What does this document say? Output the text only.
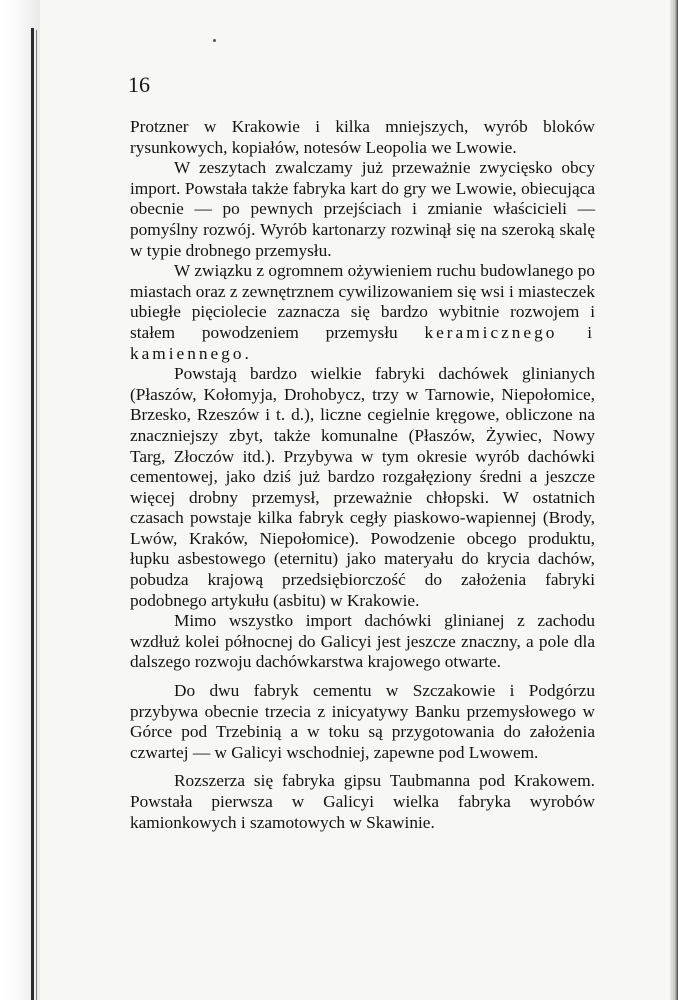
16

Protzner w Krakowie i kilka mniejszych, wyrób bloków rysunkowych, kopiałów, notesów Leopolia we Lwowie.

W zeszytach zwalczamy już przeważnie zwycięsko obcy import. Powstała także fabryka kart do gry we Lwowie, obiecująca obecnie — po pewnych przejściach i zmianie właścicieli — pomyślny rozwój. Wyrób kartonarzy rozwinął się na szeroką skalę w typie drobnego przemysłu.

W związku z ogromnem ożywieniem ruchu budowlanego po miastach oraz z zewnętrznem cywilizowaniem się wsi i miasteczek ubiegłe pięciolecie zaznacza się bardzo wybitnie rozwojem i stałem powodzeniem przemysłu keramicznego i kamiennego.

Powstają bardzo wielkie fabryki dachówek glinianych (Płaszów, Kołomyja, Drohobycz, trzy w Tarnowie, Niepołomice, Brzesko, Rzeszów i t. d.), liczne cegielnie kręgowe, obliczone na znaczniejszy zbyt, także komunalne (Płaszów, Żywiec, Nowy Targ, Złoczów itd.). Przybywa w tym okresie wyrób dachówki cementowej, jako dziś już bardzo rozgałęziony średni a jeszcze więcej drobny przemysł, przeważnie chłopski. W ostatnich czasach powstaje kilka fabryk cegły piaskowo-wapiennej (Brody, Lwów, Kraków, Niepołomice). Powodzenie obcego produktu, łupku asbestowego (eternitu) jako materyału do krycia dachów, pobudza krajową przedsiębiorczość do założenia fabryki podobnego artykułu (asbitu) w Krakowie.

Mimo wszystko import dachówki glinianej z zachodu wzdłuż kolei północnej do Galicyi jest jeszcze znaczny, a pole dla dalszego rozwoju dachówkarstwa krajowego otwarte.

Do dwu fabryk cementu w Szczakowie i Podgórzu przybywa obecnie trzecia z inicyatywy Banku przemysłowego w Górce pod Trzebinią a w toku są przygotowania do założenia czwartej — w Galicyi wschodniej, zapewne pod Lwowem.

Rozszerza się fabryka gipsu Taubmanna pod Krakowem. Powstała pierwsza w Galicyi wielka fabryka wyrobów kamionkowych i szamotowych w Skawinie.
